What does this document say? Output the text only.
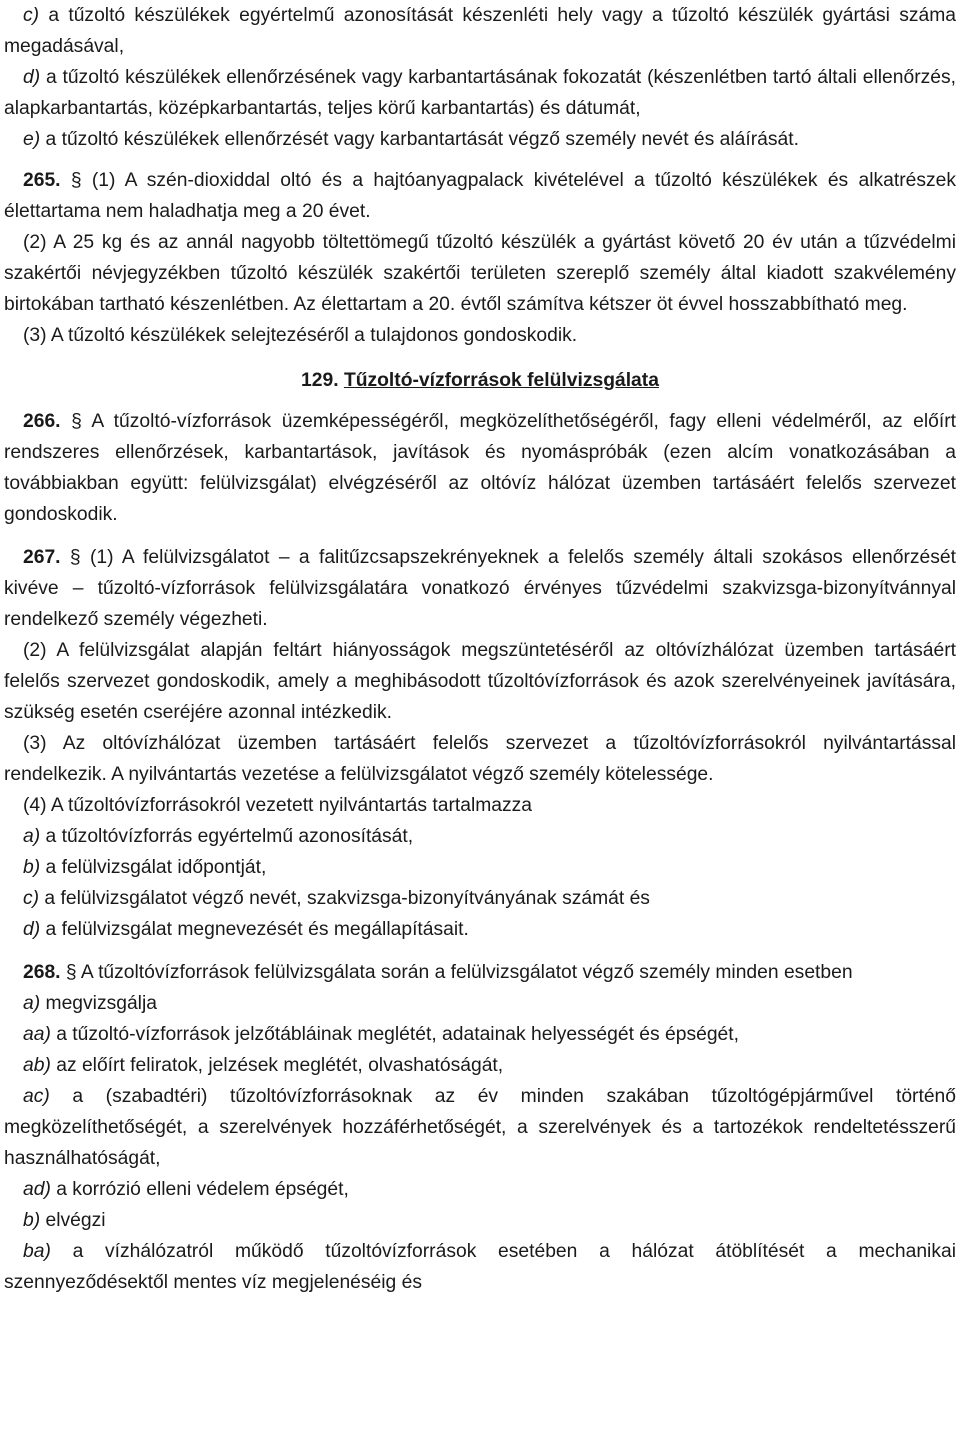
c) a tűzoltó készülékek egyértelmű azonosítását készenléti hely vagy a tűzoltó készülék gyártási száma megadásával,

d) a tűzoltó készülékek ellenőrzésének vagy karbantartásának fokozatát (készenlétben tartó általi ellenőrzés, alapkarbantartás, középkarbantartás, teljes körű karbantartás) és dátumát,

e) a tűzoltó készülékek ellenőrzését vagy karbantartását végző személy nevét és aláírását.

265. § (1) A szén-dioxiddal oltó és a hajtóanyagpalack kivételével a tűzoltó készülékek és alkatrészek élettartama nem haladhatja meg a 20 évet.

(2) A 25 kg és az annál nagyobb töltettömegű tűzoltó készülék a gyártást követő 20 év után a tűzvédelmi szakértői névjegyzékben tűzoltó készülék szakértői területen szereplő személy által kiadott szakvélemény birtokában tartható készenlétben. Az élettartam a 20. évtől számítva kétszer öt évvel hosszabbítható meg.

(3) A tűzoltó készülékek selejtezéséről a tulajdonos gondoskodik.

129. Tűzoltó-vízforrások felülvizsgálata

266. § A tűzoltó-vízforrások üzemképességéről, megközelíthetőségéről, fagy elleni védelméről, az előírt rendszeres ellenőrzések, karbantartások, javítások és nyomáspróbák (ezen alcím vonatkozásában a továbbiakban együtt: felülvizsgálat) elvégzéséről az oltóvíz hálózat üzemben tartásáért felelős szervezet gondoskodik.

267. § (1) A felülvizsgálatot – a falitűzcsapszekrényeknek a felelős személy általi szokásos ellenőrzését kivéve – tűzoltó-vízforrások felülvizsgálatára vonatkozó érvényes tűzvédelmi szakvizsga-bizonyítvánnyal rendelkező személy végezheti.

(2) A felülvizsgálat alapján feltárt hiányosságok megszüntetéséről az oltóvízhálózat üzemben tartásáért felelős szervezet gondoskodik, amely a meghibásodott tűzoltóvízforrások és azok szerelvényeinek javítására, szükség esetén cseréjére azonnal intézkedik.

(3) Az oltóvízhálózat üzemben tartásáért felelős szervezet a tűzoltóvízforrásokról nyilvántartással rendelkezik. A nyilvántartás vezetése a felülvizsgálatot végző személy kötelessége.

(4) A tűzoltóvízforrásokról vezetett nyilvántartás tartalmazza

a) a tűzoltóvízforrás egyértelmű azonosítását,

b) a felülvizsgálat időpontját,

c) a felülvizsgálatot végző nevét, szakvizsga-bizonyítványának számát és

d) a felülvizsgálat megnevezését és megállapításait.

268. § A tűzoltóvízforrások felülvizsgálata során a felülvizsgálatot végző személy minden esetben

a) megvizsgálja

aa) a tűzoltó-vízforrások jelzőtábláinak meglétét, adatainak helyességét és épségét,

ab) az előírt feliratok, jelzések meglétét, olvashatóságát,

ac) a (szabadtéri) tűzoltóvízforrásoknak az év minden szakában tűzoltógépjárművel történő megközelíthetőségét, a szerelvények hozzáférhetőségét, a szerelvények és a tartozékok rendeltetésszerű használhatóságát,

ad) a korrózió elleni védelem épségét,

b) elvégzi

ba) a vízhálózatról működő tűzoltóvízforrások esetében a hálózat átöblítését a mechanikai szennyeződésektől mentes víz megjelenéséig és
